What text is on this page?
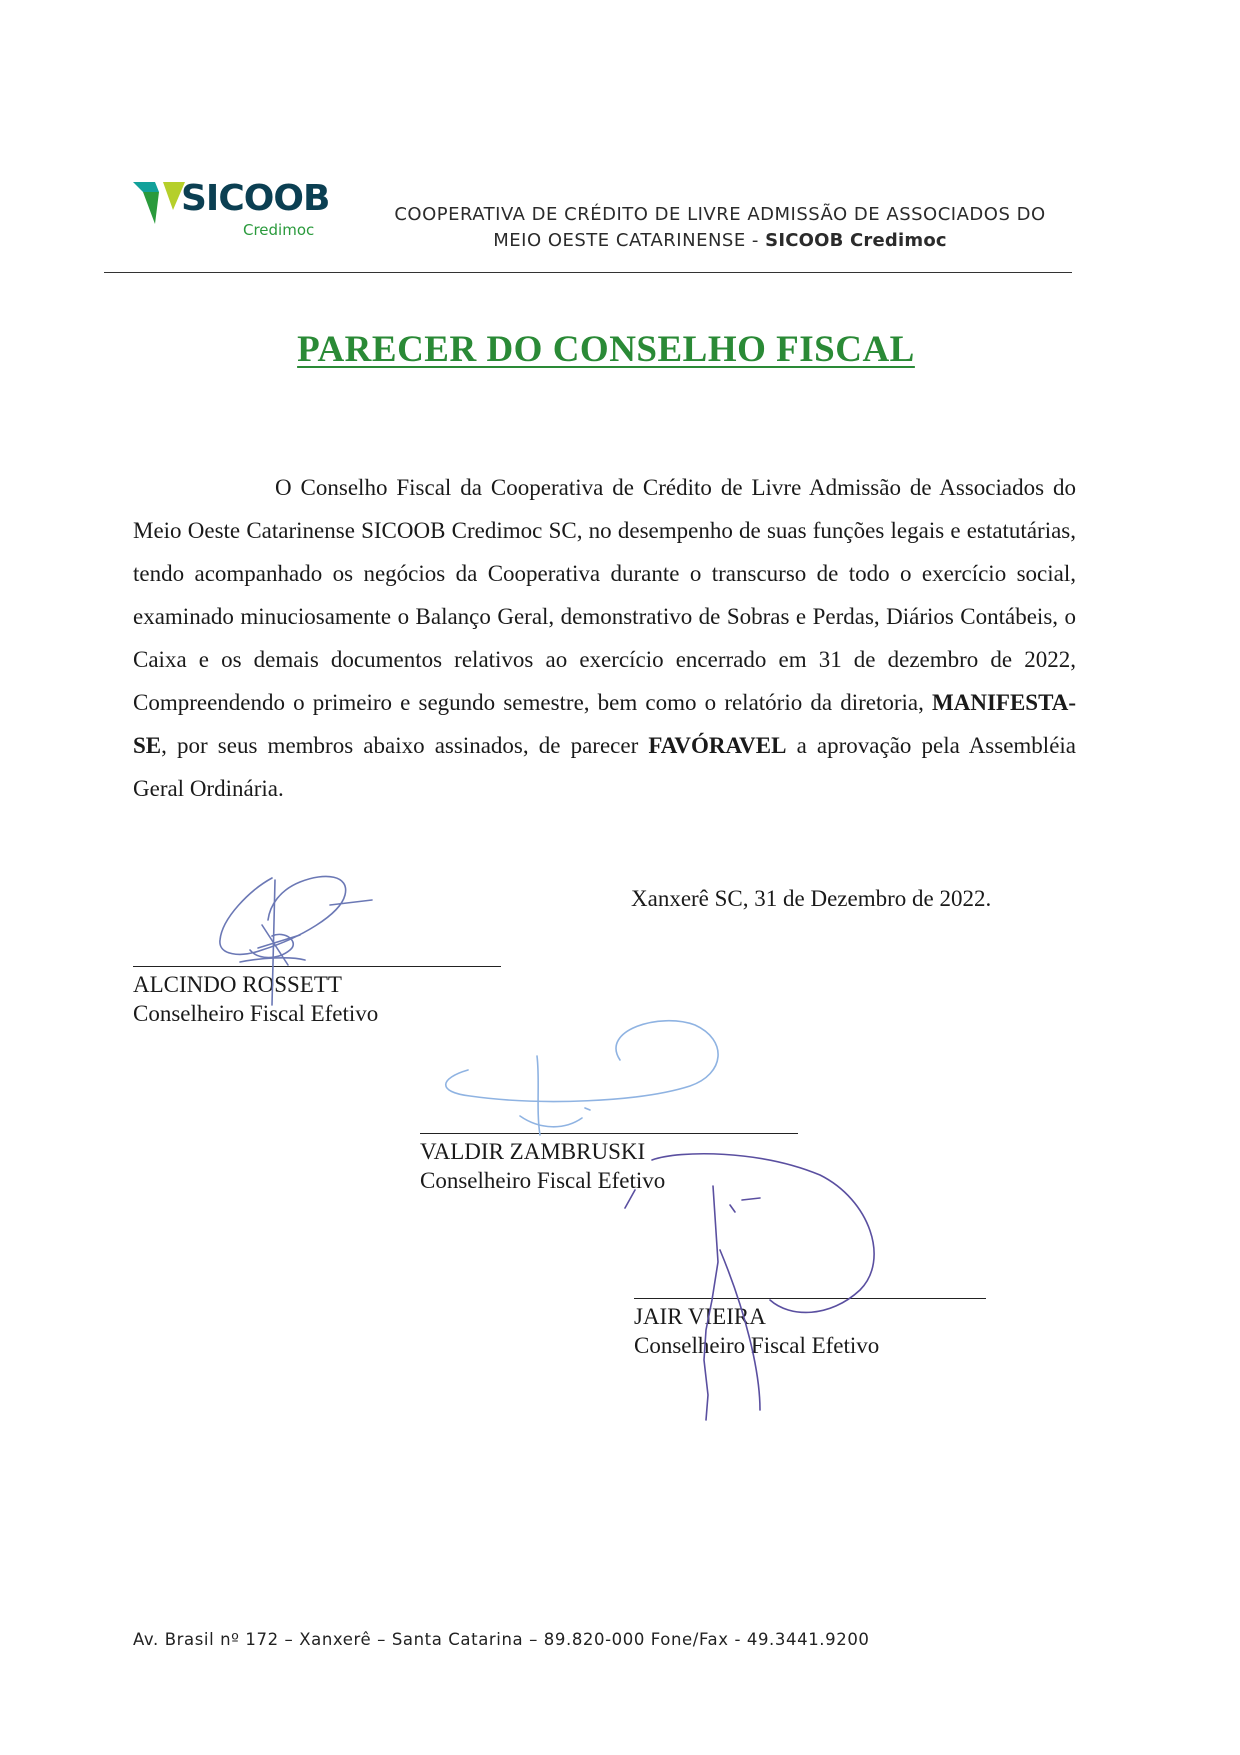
SICOOB
Credimoc
COOPERATIVA DE CRÉDITO DE LIVRE ADMISSÃO DE ASSOCIADOS DO
MEIO OESTE CATARINENSE - SICOOB Credimoc
PARECER DO CONSELHO FISCAL
O Conselho Fiscal da Cooperativa de Crédito de Livre Admissão de Associados do Meio Oeste Catarinense SICOOB Credimoc SC, no desempenho de suas funções legais e estatutárias, tendo acompanhado os negócios da Cooperativa durante o transcurso de todo o exercício social, examinado minuciosamente o Balanço Geral, demonstrativo de Sobras e Perdas, Diários Contábeis, o Caixa e os demais documentos relativos ao exercício encerrado em 31 de dezembro de 2022, Compreendendo o primeiro e segundo semestre, bem como o relatório da diretoria, MANIFESTA-SE, por seus membros abaixo assinados, de parecer FAVÓRAVEL a aprovação pela Assembléia Geral Ordinária.
Xanxerê SC, 31 de Dezembro de 2022.
ALCINDO ROSSETT
Conselheiro Fiscal Efetivo
VALDIR ZAMBRUSKI
Conselheiro Fiscal Efetivo
JAIR VIEIRA
Conselheiro Fiscal Efetivo
Av. Brasil nº 172 – Xanxerê – Santa Catarina – 89.820-000 Fone/Fax - 49.3441.9200
